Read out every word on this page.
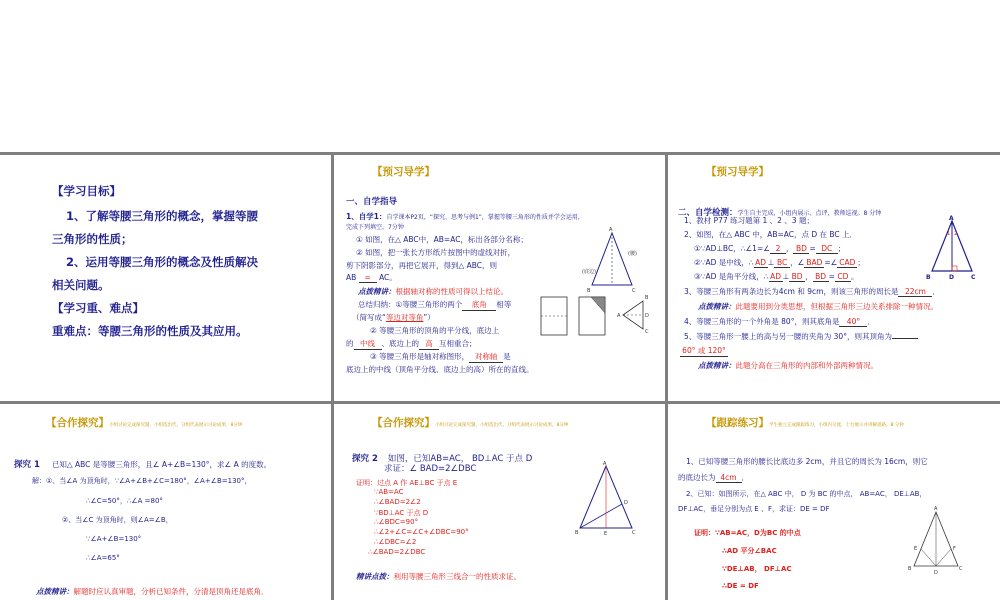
【学习目标】
1、了解等腰三角形的概念，掌握等腰
三角形的性质；
2、运用等腰三角形的概念及性质解决
相关问题。
【学习重、难点】
重难点：等腰三角形的性质及其应用。
【预习导学】
一、自学指导
1、自学1：自学课本P2页，“探究、思考与例1”，掌握等腰三角形的性质并学会运用，
完成下列填空。7分钟
① 如图，在△ ABC中，AB=AC，标出各部分名称；
② 如图，把一张长方形纸片按图中的虚线对折，
剪下阴影部分，再把它展开，得到△ ABC，则
AB = AC。
点拨精讲：根据轴对称的性质可得以上结论。
总结归纳：①等腰三角形的两个 底角 相等
（简写成“等边对等角”）
② 等腰三角形的顶角的平分线，底边上
的 中线 、底边上的 高 互相重合；
③ 等腰三角形是轴对称图形， 对称轴 是
底边上的中线（顶角平分线、底边上的高）所在的直线。
A
(腰)
(底边)
B	C
A
B
C
D
【预习导学】
二、自学检测：学生自主完成，小组内展示、点评，教师巡视。8 分钟
1、教材 P77 练习题第 1 、2 、3 题；
2、如图，在△ ABC 中，AB=AC，点 D 在 BC 上．
①∵AD⊥BC，∴∠1=∠ 2 ， BD = DC ；
②∵AD 是中线，∴ AD ⊥ BC ，∠ BAD =∠ CAD ；
③∵AD 是角平分线，∴ AD ⊥ BD ， BD = CD 。
3、等腰三角形有两条边长为4cm 和 9cm，则该三角形的周长是 22cm ．
点拨精讲：此题要用到分类思想，但根据三角形三边关系排除一种情况。
4、等腰三角形的一个外角是 80°，则其底角是 40° ．
5、等腰三角形一腰上的高与另一腰的夹角为 30°，则其顶角为
60° 或 120°
点拨精讲：此题分高在三角形的内部和外部两种情况。
A
1 2
B	D	C
【合作探究】小组讨论完成探究题，小组选出代，分组代表展示讨论成果，8分钟
探究 1 已知△ ABC 是等腰三角形，且∠ A+∠B=130°，求∠ A 的度数。
解：①、当∠A 为顶角时，∵∠A+∠B+∠C=180°，∠A+∠B=130°，
∴∠C=50°，∴∠A =80°
②、当∠C 为顶角时，则∠A=∠B，
∵∠A+∠B=130°
∴∠A=65°
点拨精讲：解题时应认真审题，分析已知条件，分清是顶角还是底角．
【合作探究】小组讨论完成探究题，小组选出代，分组代表展示讨论成果，8分钟
探究 2 如图，已知AB=AC， BD⊥AC 于点 D
求证：∠ BAD=2∠DBC
证明：过点 A 作 AE⊥BC 于点 E
∵AB=AC
∴∠BAD=2∠2
∵BD⊥AC 于点 D
∴∠BDC=90°
∴∠2+∠C=∠C+∠DBC=90°
∴∠DBC=∠2
∴∠BAD=2∠DBC
精讲点拨：利用等腰三角形三线合一的性质求证。
A
D
B	E	C
【跟踪练习】学生独立完成跟踪练习，小组内交流，上台展示并讲解思路。8 分钟
1、已知等腰三角形的腰长比底边多 2cm，并且它的周长为 16cm，则它
的底边长为 4cm ．
2、已知：如图所示，在△ ABC 中， D 为 BC 的中点， AB=AC， DE⊥AB，
DF⊥AC，垂足分别为点 E 、F，求证：DE = DF
证明：∵AB=AC，D为BC 的中点
∴AD 平分∠BAC
∵DE⊥AB， DF⊥AC
∴DE = DF
A
E	F
B
D
C
